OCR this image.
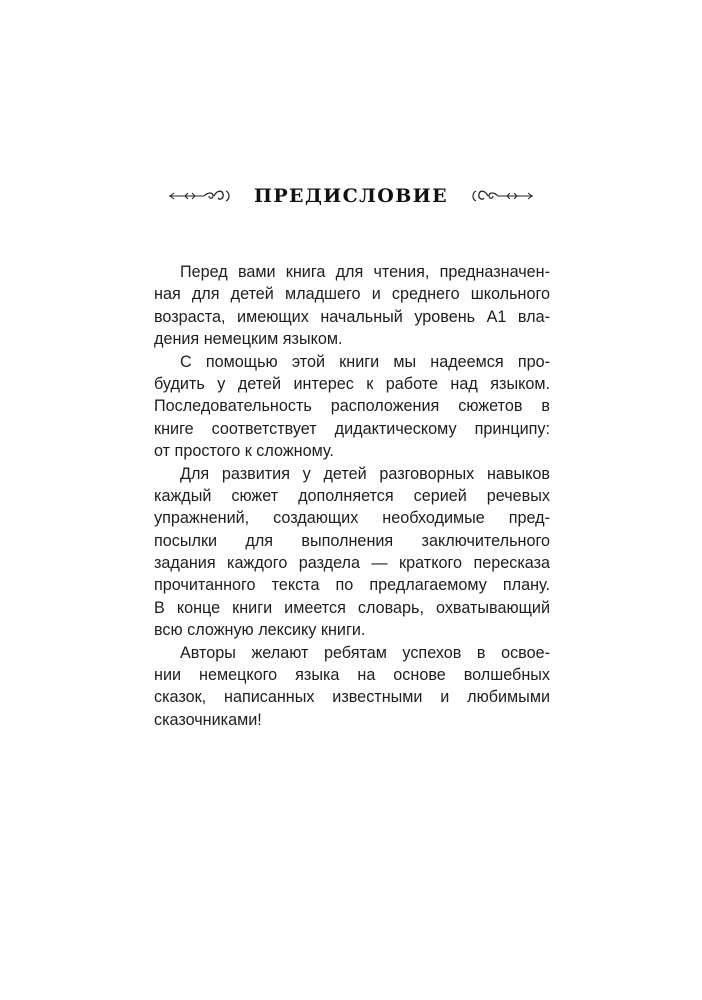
ПРЕДИСЛОВИЕ

Перед вами книга для чтения, предназначен-
ная для детей младшего и среднего школьного
возраста, имеющих начальный уровень А1 вла-
дения немецким языком.

С помощью этой книги мы надеемся про-
будить у детей интерес к работе над языком.
Последовательность расположения сюжетов в
книге соответствует дидактическому принципу:
от простого к сложному.

Для развития у детей разговорных навыков
каждый сюжет дополняется серией речевых
упражнений, создающих необходимые пред-
посылки для выполнения заключительного
задания каждого раздела — краткого пересказа
прочитанного текста по предлагаемому плану.
В конце книги имеется словарь, охватывающий
всю сложную лексику книги.

Авторы желают ребятам успехов в освое-
нии немецкого языка на основе волшебных
сказок, написанных известными и любимыми
сказочниками!
